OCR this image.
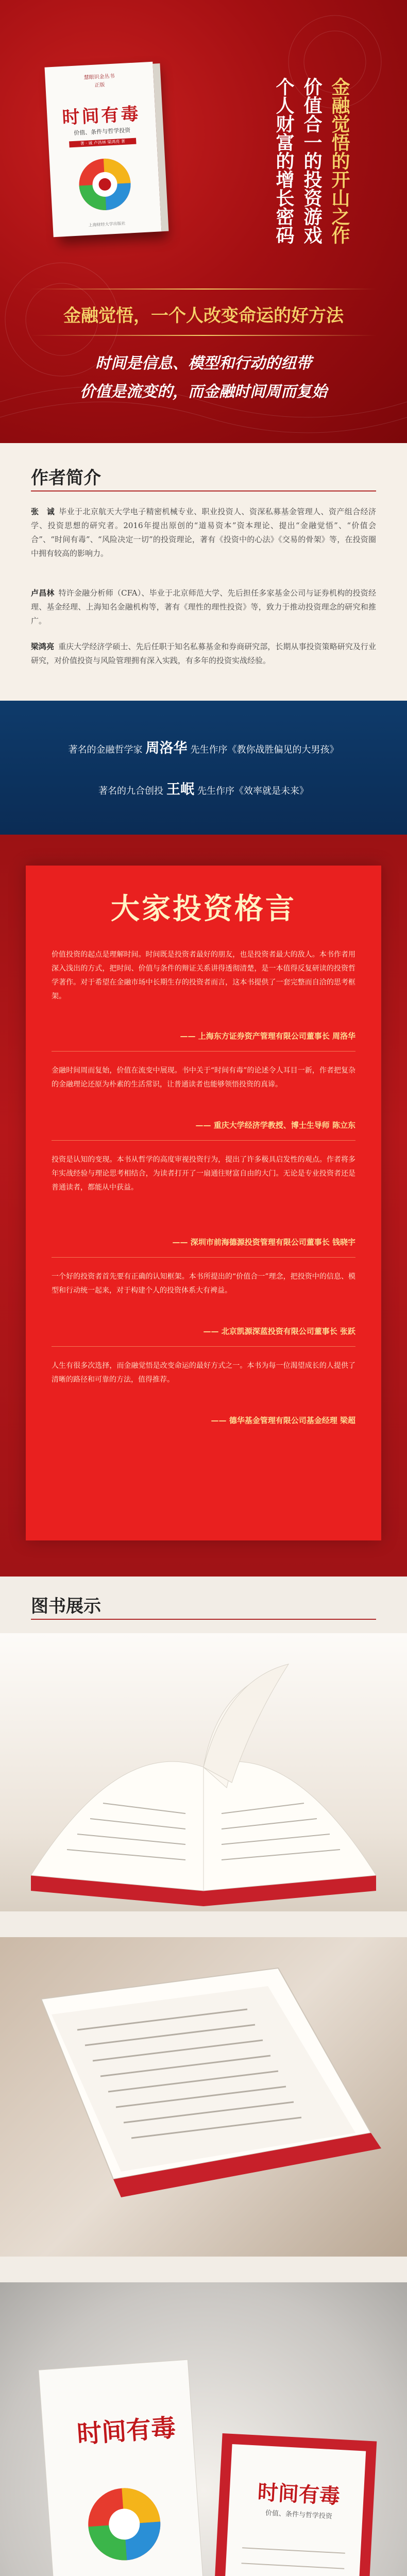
慧眼识金丛书
正版
时间有毒
价值、条件与哲学投资
著 · 诚 卢昌林 梁鸿亮 著
上海财经大学出版社	金融觉悟的开山之作
价值合一的投资游戏
个人财富的增长密码
金融觉悟，一个人改变命运的好方法
时间是信息、模型和行动的纽带
价值是流变的，而金融时间周而复始
作者简介
张　诚 毕业于北京航天大学电子精密机械专业、职业投资人、资深私募基金管理人、资产组合经济学、投资思想的研究者。2016年提出原创的“道易资本”资本理论、提出“金融觉悟”、“价值会合”、“时间有毒”、“风险决定一切”的投资理论，著有《投资中的心法》《交易的骨架》等，在投资圈中拥有较高的影响力。
卢昌林 特许金融分析师（CFA）、毕业于北京师范大学、先后担任多家基金公司与证券机构的投资经理、基金经理、上海知名金融机构等，著有《理性的理性投资》等，致力于推动投资理念的研究和推广。
梁鸿亮 重庆大学经济学硕士、先后任职于知名私募基金和券商研究部，长期从事投资策略研究及行业研究，对价值投资与风险管理拥有深入实践，有多年的投资实战经验。
著名的金融哲学家 周洛华 先生作序《教你战胜偏见的大男孩》
著名的九合创投 王岷 先生作序《效率就是未来》
大家投资格言
价值投资的起点是理解时间。时间既是投资者最好的朋友，也是投资者最大的敌人。本书作者用深入浅出的方式，把时间、价值与条件的辩证关系讲得透彻清楚，是一本值得反复研读的投资哲学著作。对于希望在金融市场中长期生存的投资者而言，这本书提供了一套完整而自洽的思考框架。
—— 上海东方证券资产管理有限公司董事长 周洛华
金融时间周而复始，价值在流变中展现。书中关于“时间有毒”的论述令人耳目一新，作者把复杂的金融理论还原为朴素的生活常识，让普通读者也能够领悟投资的真谛。
—— 重庆大学经济学教授、博士生导师 陈立东
投资是认知的变现。本书从哲学的高度审视投资行为，提出了许多极具启发性的观点。作者将多年实战经验与理论思考相结合，为读者打开了一扇通往财富自由的大门。无论是专业投资者还是普通读者，都能从中获益。
—— 深圳市前海德源投资管理有限公司董事长 钱晓宇
一个好的投资者首先要有正确的认知框架。本书所提出的“价值合一”理念，把投资中的信息、模型和行动统一起来，对于构建个人的投资体系大有裨益。
—— 北京凯源深蓝投资有限公司董事长 张跃
人生有很多次选择，而金融觉悟是改变命运的最好方式之一。本书为每一位渴望成长的人提供了清晰的路径和可靠的方法，值得推荐。
—— 德华基金管理有限公司基金经理 梁超
图书展示
时间有毒
时间有毒
价值、条件与哲学投资
